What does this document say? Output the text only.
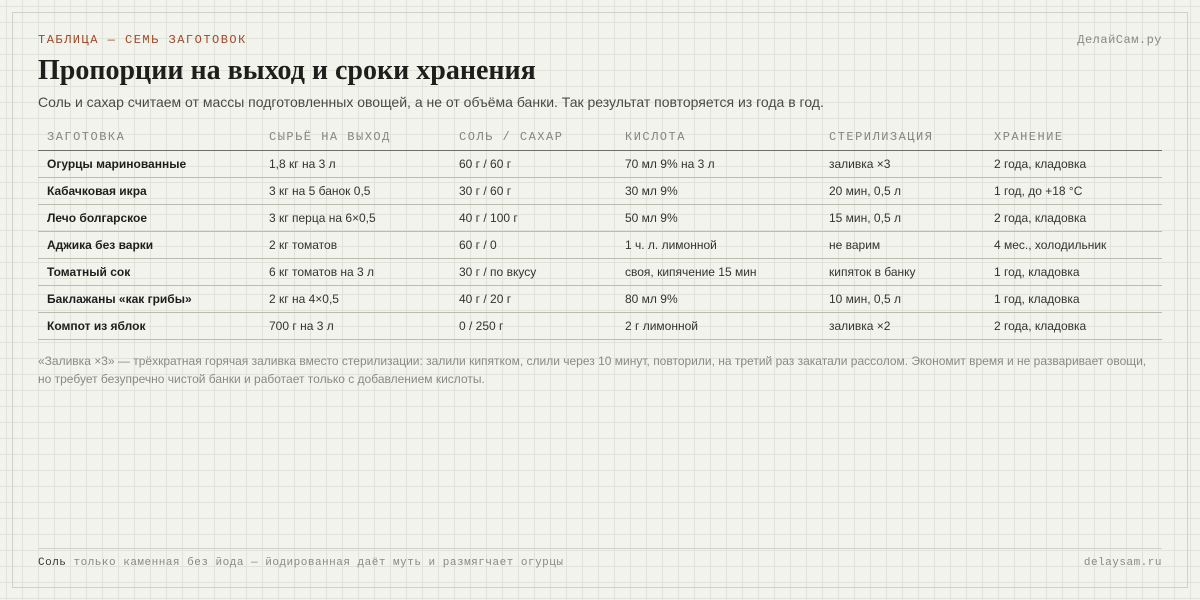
ТАБЛИЦА — СЕМЬ ЗАГОТОВОК	ДелайСам.ру
Пропорции на выход и сроки хранения
Соль и сахар считаем от массы подготовленных овощей, а не от объёма банки. Так результат повторяется из года в год.
ЗАГОТОВКА	СЫРЬЁ НА ВЫХОД	СОЛЬ / САХАР	КИСЛОТА	СТЕРИЛИЗАЦИЯ	ХРАНЕНИЕ
Огурцы маринованные	1,8 кг на 3 л	60 г / 60 г	70 мл 9% на 3 л	заливка ×3	2 года, кладовка
Кабачковая икра	3 кг на 5 банок 0,5	30 г / 60 г	30 мл 9%	20 мин, 0,5 л	1 год, до +18 °C
Лечо болгарское	3 кг перца на 6×0,5	40 г / 100 г	50 мл 9%	15 мин, 0,5 л	2 года, кладовка
Аджика без варки	2 кг томатов	60 г / 0	1 ч. л. лимонной	не варим	4 мес., холодильник
Томатный сок	6 кг томатов на 3 л	30 г / по вкусу	своя, кипячение 15 мин	кипяток в банку	1 год, кладовка
Баклажаны «как грибы»	2 кг на 4×0,5	40 г / 20 г	80 мл 9%	10 мин, 0,5 л	1 год, кладовка
Компот из яблок	700 г на 3 л	0 / 250 г	2 г лимонной	заливка ×2	2 года, кладовка
«Заливка ×3» — трёхкратная горячая заливка вместо стерилизации: залили кипятком, слили через 10 минут, повторили, на третий раз закатали рассолом. Экономит время и не разваривает овощи, но требует безупречно чистой банки и работает только с добавлением кислоты.
Соль только каменная без йода — йодированная даёт муть и размягчает огурцы	delaysam.ru
